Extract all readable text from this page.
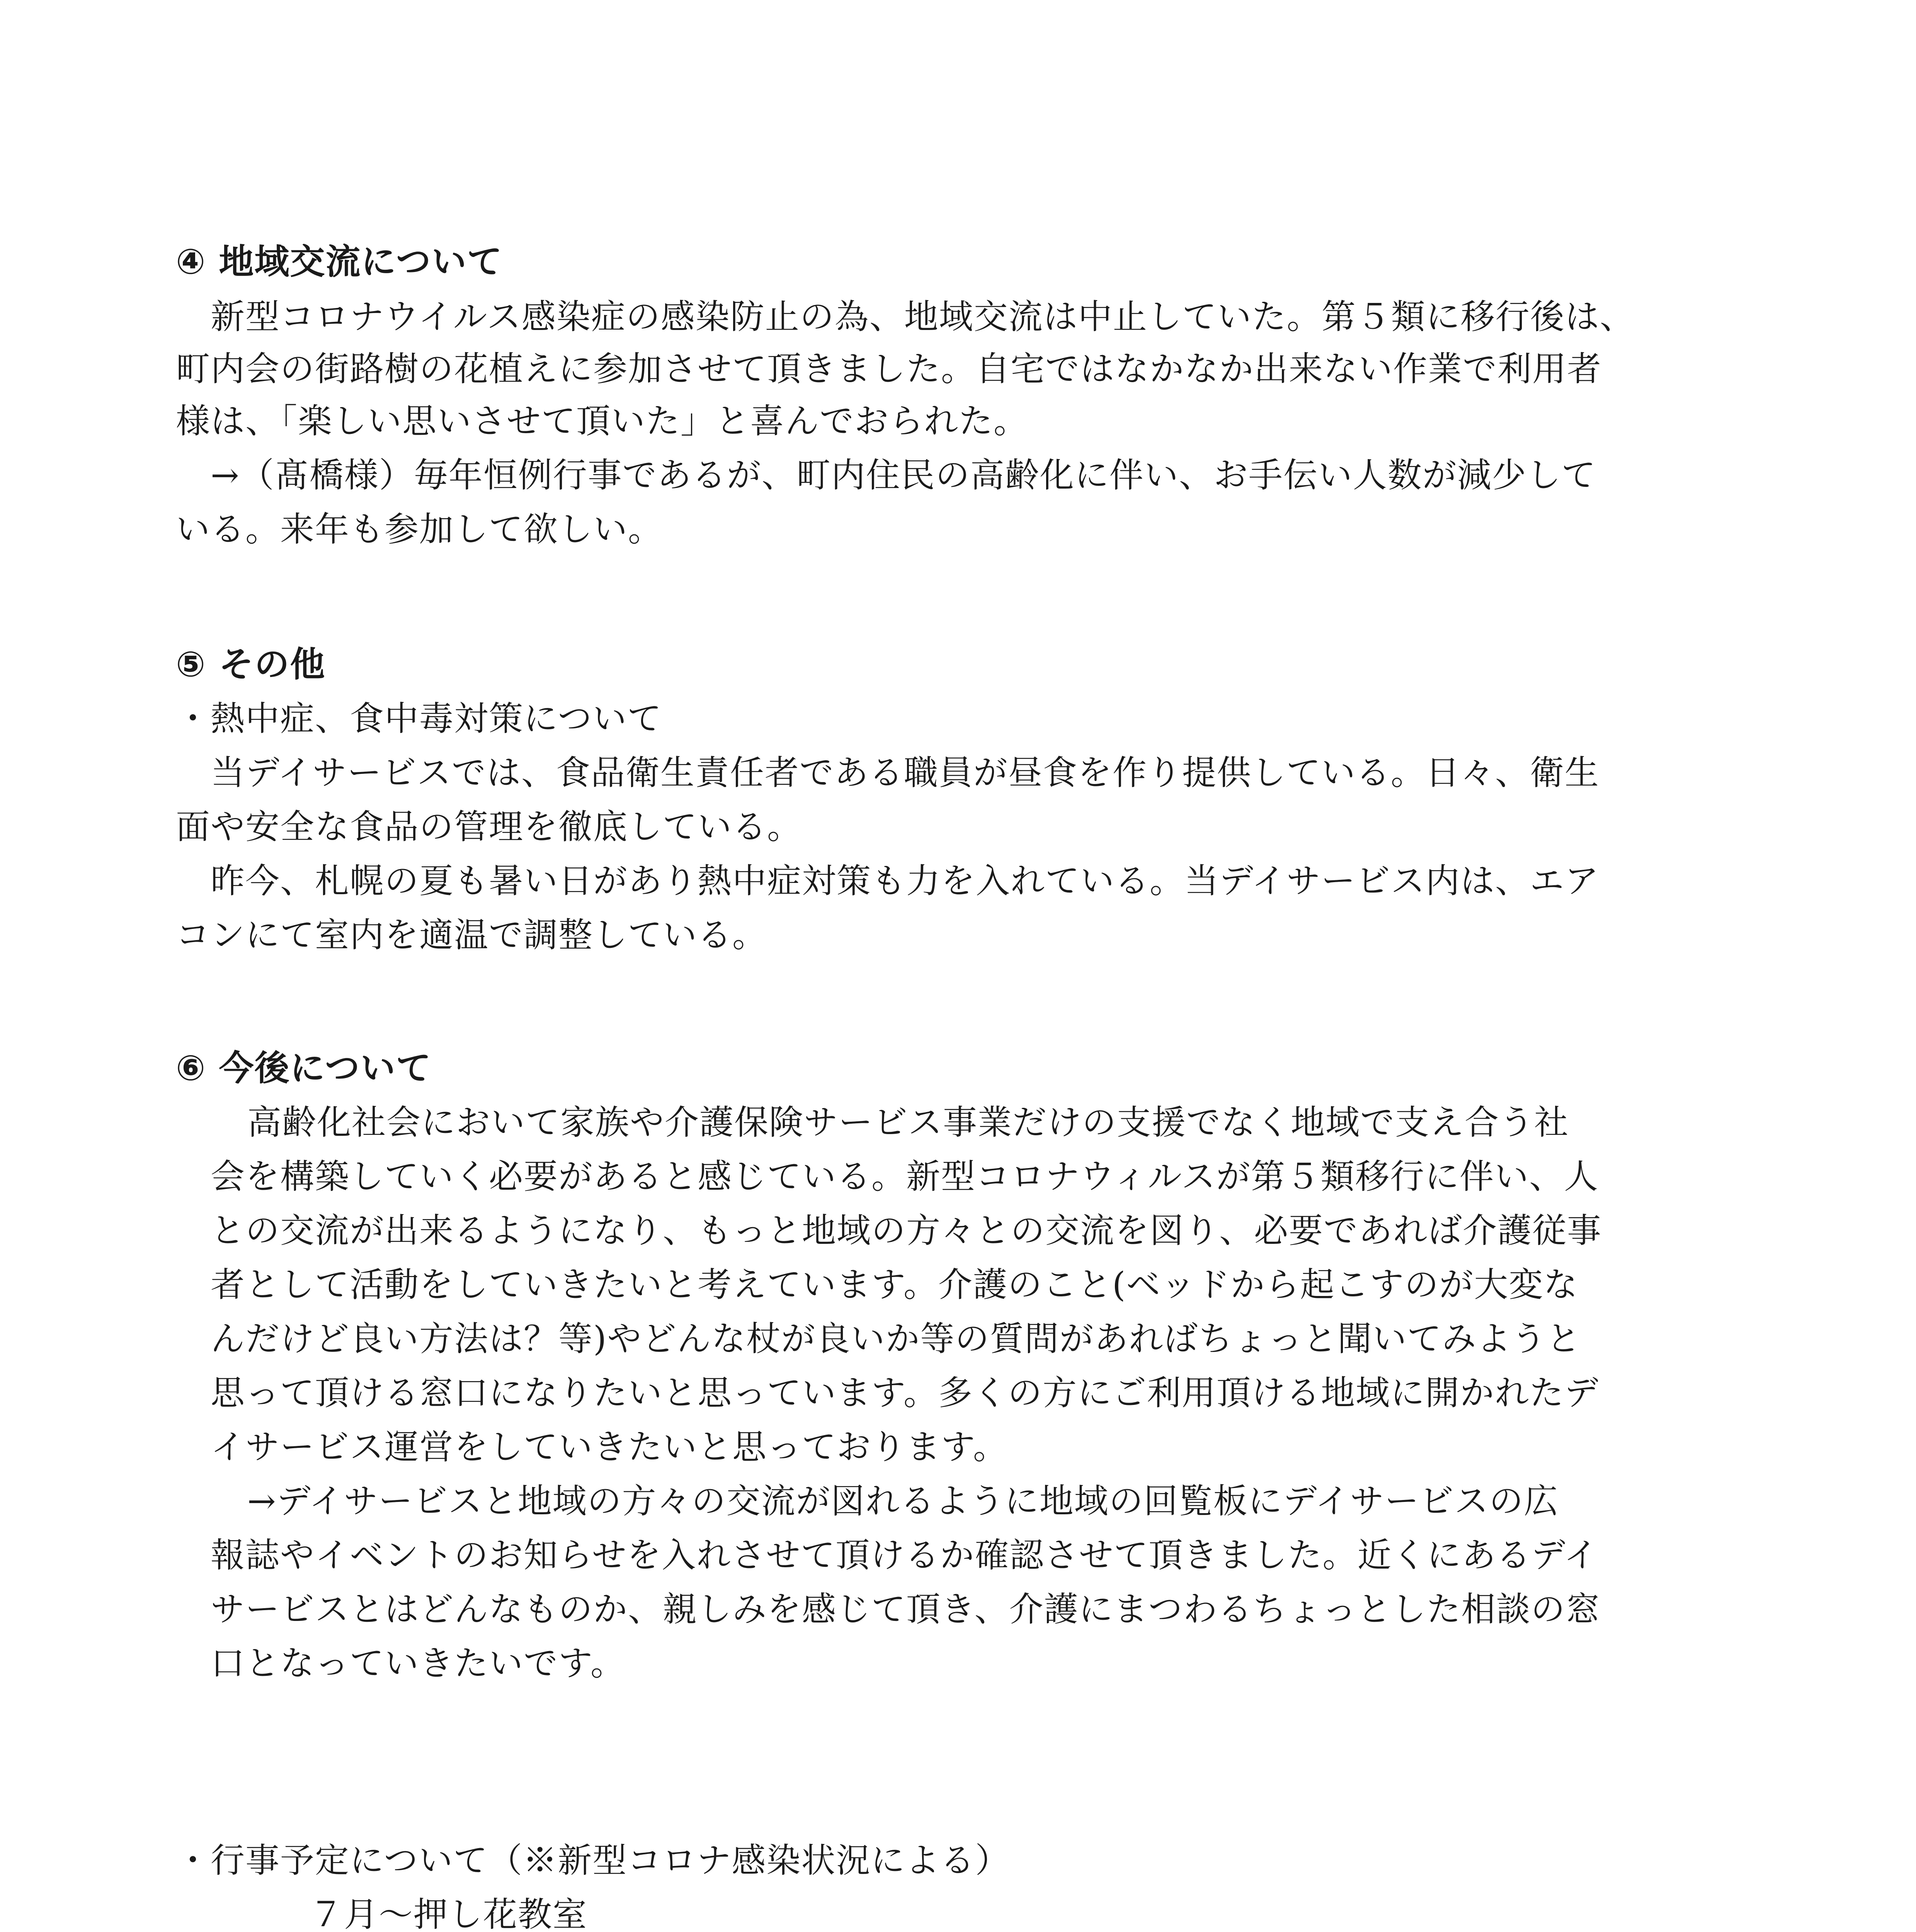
④ 地域交流について
新型コロナウイルス感染症の感染防止の為、地域交流は中止していた。第５類に移行後は、
町内会の街路樹の花植えに参加させて頂きました。自宅ではなかなか出来ない作業で利用者
様は、「楽しい思いさせて頂いた」と喜んでおられた。
→（髙橋様）毎年恒例行事であるが、町内住民の高齢化に伴い、お手伝い人数が減少して
いる。来年も参加して欲しい。
⑤ その他
・熱中症、食中毒対策について
当デイサービスでは、食品衛生責任者である職員が昼食を作り提供している。日々、衛生
面や安全な食品の管理を徹底している。
昨今、札幌の夏も暑い日があり熱中症対策も力を入れている。当デイサービス内は、エア
コンにて室内を適温で調整している。
⑥ 今後について
高齢化社会において家族や介護保険サービス事業だけの支援でなく地域で支え合う社
会を構築していく必要があると感じている。新型コロナウィルスが第５類移行に伴い、人
との交流が出来るようになり、もっと地域の方々との交流を図り、必要であれば介護従事
者として活動をしていきたいと考えています。介護のこと(ベッドから起こすのが大変な
んだけど良い方法は？等)やどんな杖が良いか等の質問があればちょっと聞いてみようと
思って頂ける窓口になりたいと思っています。多くの方にご利用頂ける地域に開かれたデ
イサービス運営をしていきたいと思っております。
→デイサービスと地域の方々の交流が図れるように地域の回覧板にデイサービスの広
報誌やイベントのお知らせを入れさせて頂けるか確認させて頂きました。近くにあるデイ
サービスとはどんなものか、親しみを感じて頂き、介護にまつわるちょっとした相談の窓
口となっていきたいです。
・行事予定について（※新型コロナ感染状況による）
７月～押し花教室
